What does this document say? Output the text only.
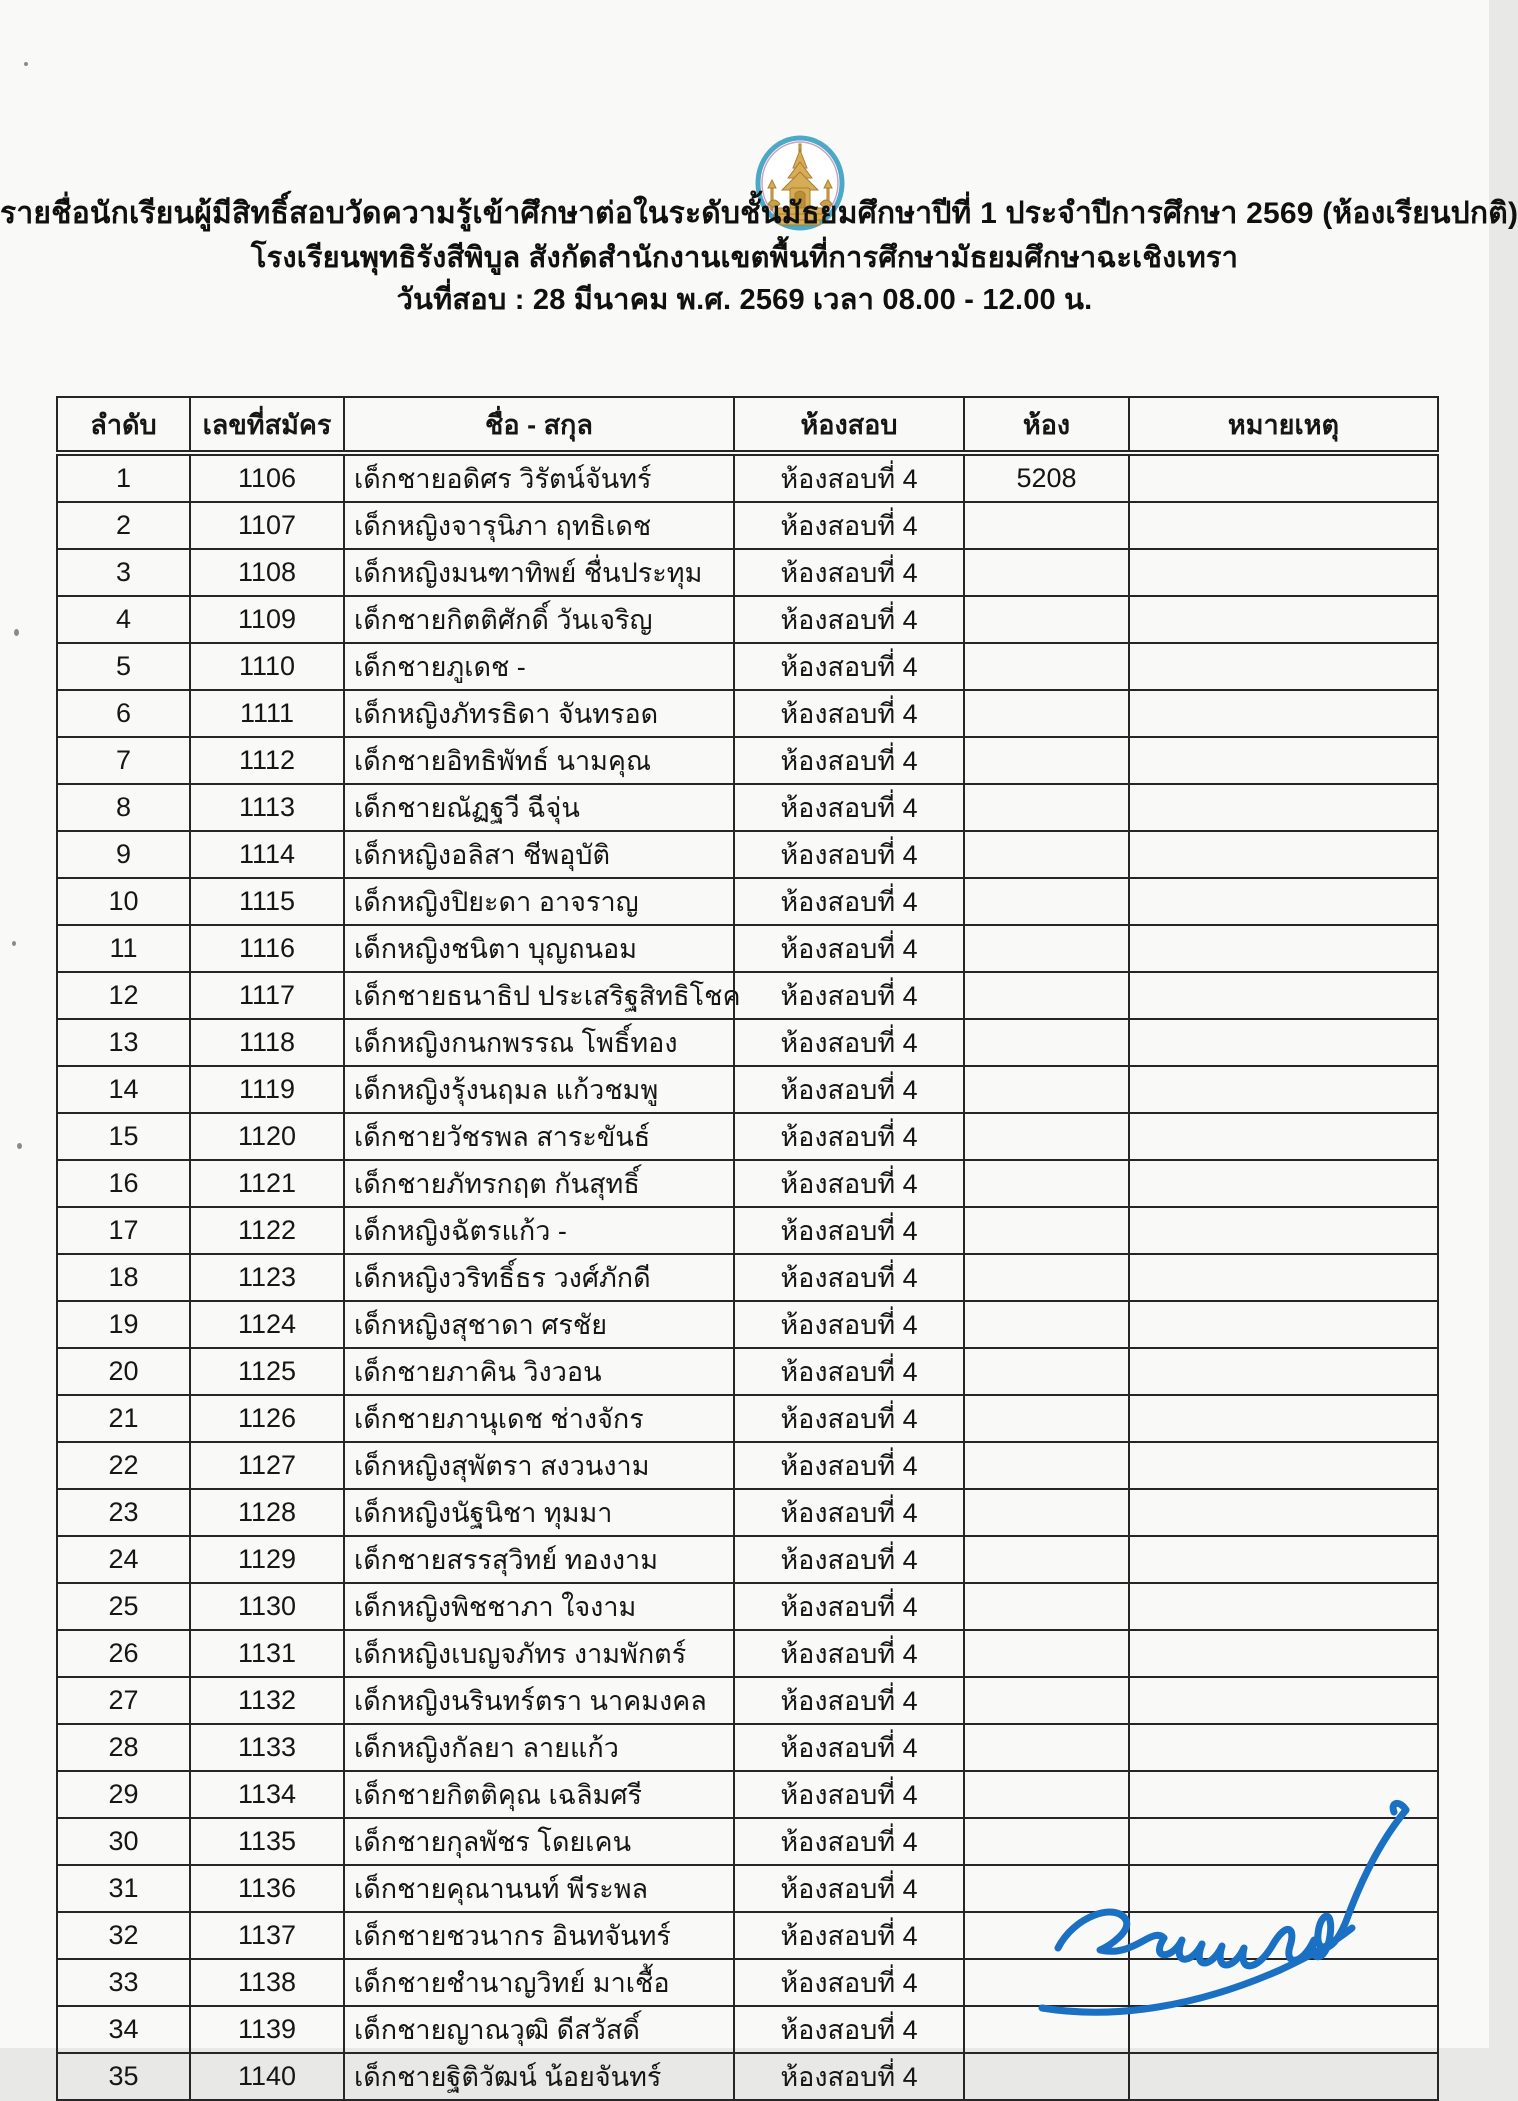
รายชื่อนักเรียนผู้มีสิทธิ์สอบวัดความรู้เข้าศึกษาต่อในระดับชั้นมัธยมศึกษาปีที่ 1 ประจำปีการศึกษา 2569 (ห้องเรียนปกติ)
โรงเรียนพุทธิรังสีพิบูล สังกัดสำนักงานเขตพื้นที่การศึกษามัธยมศึกษาฉะเชิงเทรา
วันที่สอบ : 28 มีนาคม พ.ศ. 2569 เวลา 08.00 - 12.00 น.
ลำดับ	เลขที่สมัคร	ชื่อ - สกุล	ห้องสอบ	ห้อง	หมายเหตุ
1	1106	เด็กชายอดิศร วิรัตน์จันทร์	ห้องสอบที่ 4	5208	
2	1107	เด็กหญิงจารุนิภา ฤทธิเดช	ห้องสอบที่ 4		
3	1108	เด็กหญิงมนฑาทิพย์ ชื่นประทุม	ห้องสอบที่ 4		
4	1109	เด็กชายกิตติศักดิ์ วันเจริญ	ห้องสอบที่ 4		
5	1110	เด็กชายภูเดช -	ห้องสอบที่ 4		
6	1111	เด็กหญิงภัทรธิดา จันทรอด	ห้องสอบที่ 4		
7	1112	เด็กชายอิทธิพัทธ์ นามคุณ	ห้องสอบที่ 4		
8	1113	เด็กชายณัฏฐวี ฉีจุ่น	ห้องสอบที่ 4		
9	1114	เด็กหญิงอลิสา ชีพอุบัติ	ห้องสอบที่ 4		
10	1115	เด็กหญิงปิยะดา อาจราญ	ห้องสอบที่ 4		
11	1116	เด็กหญิงชนิตา บุญถนอม	ห้องสอบที่ 4		
12	1117	เด็กชายธนาธิป ประเสริฐสิทธิโชค	ห้องสอบที่ 4		
13	1118	เด็กหญิงกนกพรรณ โพธิ์ทอง	ห้องสอบที่ 4		
14	1119	เด็กหญิงรุ้งนฤมล แก้วชมพู	ห้องสอบที่ 4		
15	1120	เด็กชายวัชรพล สาระขันธ์	ห้องสอบที่ 4		
16	1121	เด็กชายภัทรกฤต กันสุทธิ์	ห้องสอบที่ 4		
17	1122	เด็กหญิงฉัตรแก้ว -	ห้องสอบที่ 4		
18	1123	เด็กหญิงวริทธิ์ธร วงศ์ภักดี	ห้องสอบที่ 4		
19	1124	เด็กหญิงสุชาดา ศรชัย	ห้องสอบที่ 4		
20	1125	เด็กชายภาคิน วิงวอน	ห้องสอบที่ 4		
21	1126	เด็กชายภานุเดช ช่างจักร	ห้องสอบที่ 4		
22	1127	เด็กหญิงสุพัตรา สงวนงาม	ห้องสอบที่ 4		
23	1128	เด็กหญิงนัฐนิชา ทุมมา	ห้องสอบที่ 4		
24	1129	เด็กชายสรรสุวิทย์ ทองงาม	ห้องสอบที่ 4		
25	1130	เด็กหญิงพิชชาภา ใจงาม	ห้องสอบที่ 4		
26	1131	เด็กหญิงเบญจภัทร งามพักตร์	ห้องสอบที่ 4		
27	1132	เด็กหญิงนรินทร์ตรา นาคมงคล	ห้องสอบที่ 4		
28	1133	เด็กหญิงกัลยา ลายแก้ว	ห้องสอบที่ 4		
29	1134	เด็กชายกิตติคุณ เฉลิมศรี	ห้องสอบที่ 4		
30	1135	เด็กชายกุลพัชร โดยเคน	ห้องสอบที่ 4		
31	1136	เด็กชายคุณานนท์ พีระพล	ห้องสอบที่ 4		
32	1137	เด็กชายชวนากร อินทจันทร์	ห้องสอบที่ 4		
33	1138	เด็กชายชำนาญวิทย์ มาเชื้อ	ห้องสอบที่ 4		
34	1139	เด็กชายญาณวุฒิ ดีสวัสดิ์	ห้องสอบที่ 4		
35	1140	เด็กชายฐิติวัฒน์ น้อยจันทร์	ห้องสอบที่ 4		
